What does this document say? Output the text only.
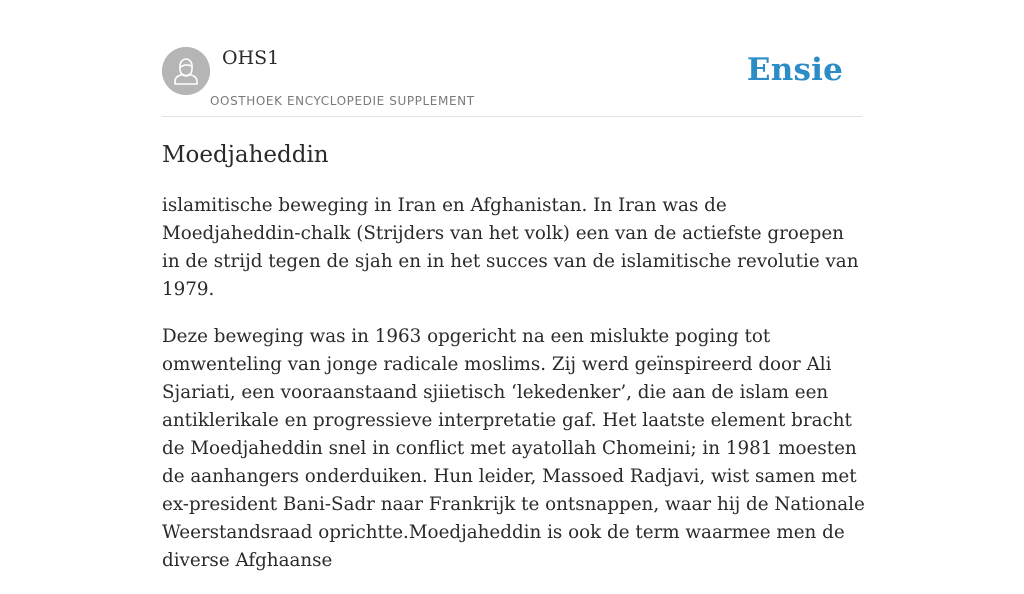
OHS1
OOSTHOEK ENCYCLOPEDIE SUPPLEMENT
Ensie
Moedjaheddin

islamitische beweging in Iran en Afghanistan. In Iran was de Moedjaheddin-chalk (Strijders van het volk) een van de actiefste groepen in de strijd tegen de sjah en in het succes van de islamitische revolutie van 1979.

Deze beweging was in 1963 opgericht na een mislukte poging tot omwenteling van jonge radicale moslims. Zij werd geïnspireerd door Ali Sjariati, een vooraanstaand sjiietisch ‘lekedenker’, die aan de islam een antiklerikale en progressieve interpretatie gaf. Het laatste element bracht de Moedjaheddin snel in conflict met ayatollah Chomeini; in 1981 moesten de aanhangers onderduiken. Hun leider, Massoed Radjavi, wist samen met ex-president Bani-Sadr naar Frankrijk te ontsnappen, waar hij de Nationale Weerstandsraad oprichtte.Moedjaheddin is ook de term waarmee men de diverse Afghaanse
